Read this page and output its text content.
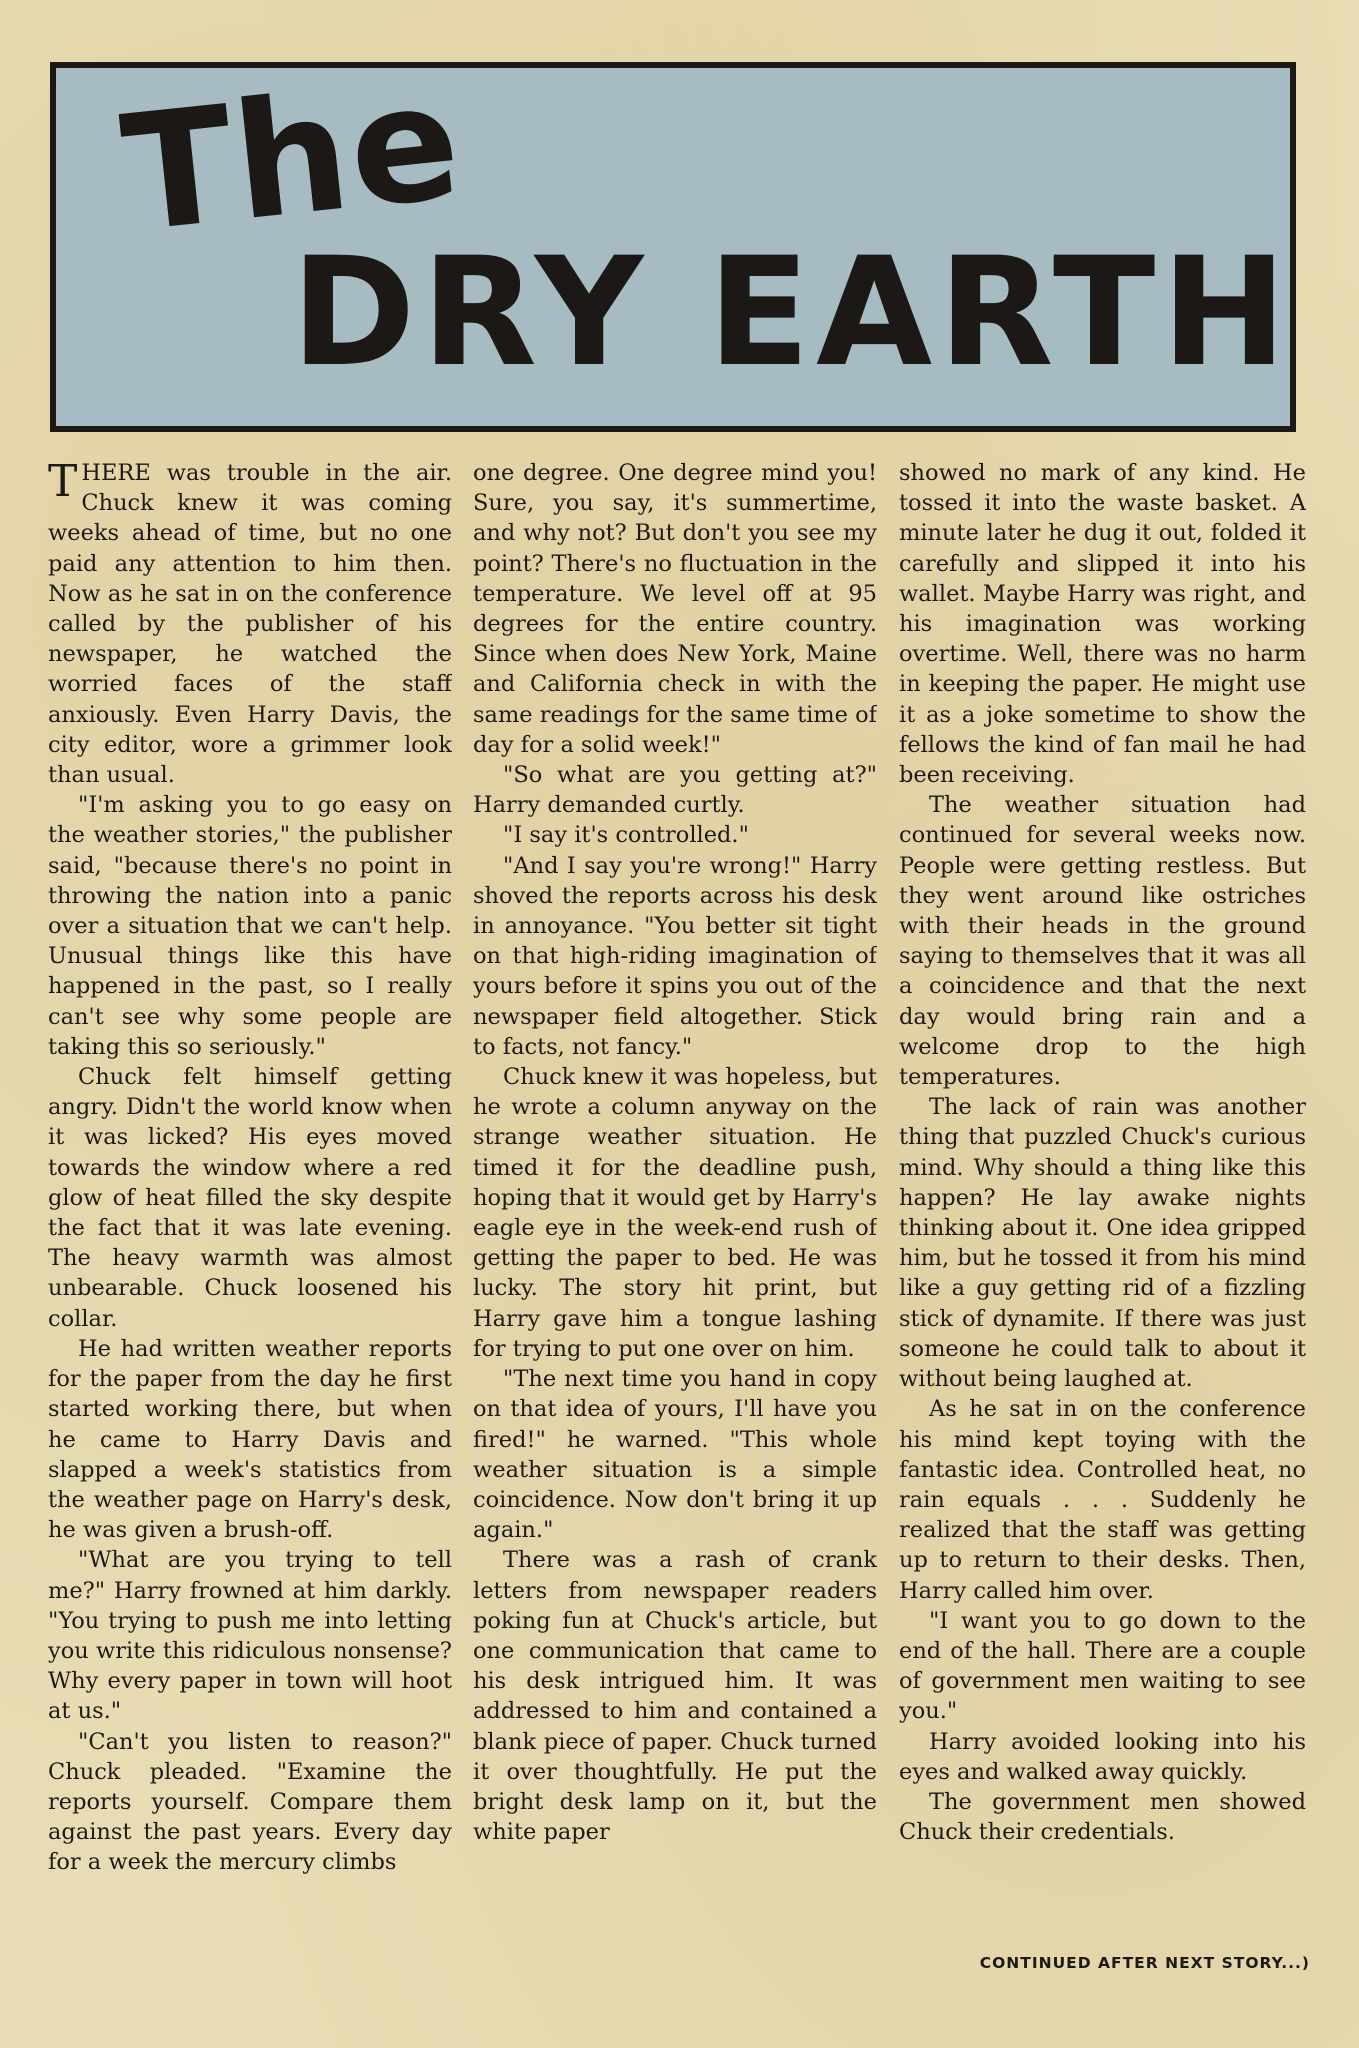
The
DRY EARTH

THERE was trouble in the air. Chuck knew it was coming weeks ahead of time, but no one paid any attention to him then. Now as he sat in on the conference called by the publisher of his newspaper, he watched the worried faces of the staff anxiously. Even Harry Davis, the city editor, wore a grimmer look than usual.

"I'm asking you to go easy on the weather stories," the publisher said, "because there's no point in throwing the nation into a panic over a situation that we can't help. Unusual things like this have happened in the past, so I really can't see why some people are taking this so seriously."

Chuck felt himself getting angry. Didn't the world know when it was licked? His eyes moved towards the window where a red glow of heat filled the sky despite the fact that it was late evening. The heavy warmth was almost unbearable. Chuck loosened his collar.

He had written weather reports for the paper from the day he first started working there, but when he came to Harry Davis and slapped a week's statistics from the weather page on Harry's desk, he was given a brush-off.

"What are you trying to tell me?" Harry frowned at him darkly. "You trying to push me into letting you write this ridiculous nonsense? Why every paper in town will hoot at us."

"Can't you listen to reason?" Chuck pleaded. "Examine the reports yourself. Compare them against the past years. Every day for a week the mercury climbs

one degree. One degree mind you! Sure, you say, it's summertime, and why not? But don't you see my point? There's no fluctuation in the temperature. We level off at 95 degrees for the entire country. Since when does New York, Maine and California check in with the same readings for the same time of day for a solid week!"

"So what are you getting at?" Harry demanded curtly.

"I say it's controlled."

"And I say you're wrong!" Harry shoved the reports across his desk in annoyance. "You better sit tight on that high-riding imagination of yours before it spins you out of the newspaper field altogether. Stick to facts, not fancy."

Chuck knew it was hopeless, but he wrote a column anyway on the strange weather situation. He timed it for the deadline push, hoping that it would get by Harry's eagle eye in the week-end rush of getting the paper to bed. He was lucky. The story hit print, but Harry gave him a tongue lashing for trying to put one over on him.

"The next time you hand in copy on that idea of yours, I'll have you fired!" he warned. "This whole weather situation is a simple coincidence. Now don't bring it up again."

There was a rash of crank letters from newspaper readers poking fun at Chuck's article, but one communication that came to his desk intrigued him. It was addressed to him and contained a blank piece of paper. Chuck turned it over thoughtfully. He put the bright desk lamp on it, but the white paper

showed no mark of any kind. He tossed it into the waste basket. A minute later he dug it out, folded it carefully and slipped it into his wallet. Maybe Harry was right, and his imagination was working overtime. Well, there was no harm in keeping the paper. He might use it as a joke sometime to show the fellows the kind of fan mail he had been receiving.

The weather situation had continued for several weeks now. People were getting restless. But they went around like ostriches with their heads in the ground saying to themselves that it was all a coincidence and that the next day would bring rain and a welcome drop to the high temperatures.

The lack of rain was another thing that puzzled Chuck's curious mind. Why should a thing like this happen? He lay awake nights thinking about it. One idea gripped him, but he tossed it from his mind like a guy getting rid of a fizzling stick of dynamite. If there was just someone he could talk to about it without being laughed at.

As he sat in on the conference his mind kept toying with the fantastic idea. Controlled heat, no rain equals . . . Suddenly he realized that the staff was getting up to return to their desks. Then, Harry called him over.

"I want you to go down to the end of the hall. There are a couple of government men waiting to see you."

Harry avoided looking into his eyes and walked away quickly.

The government men showed Chuck their credentials.

CONTINUED AFTER NEXT STORY...)
